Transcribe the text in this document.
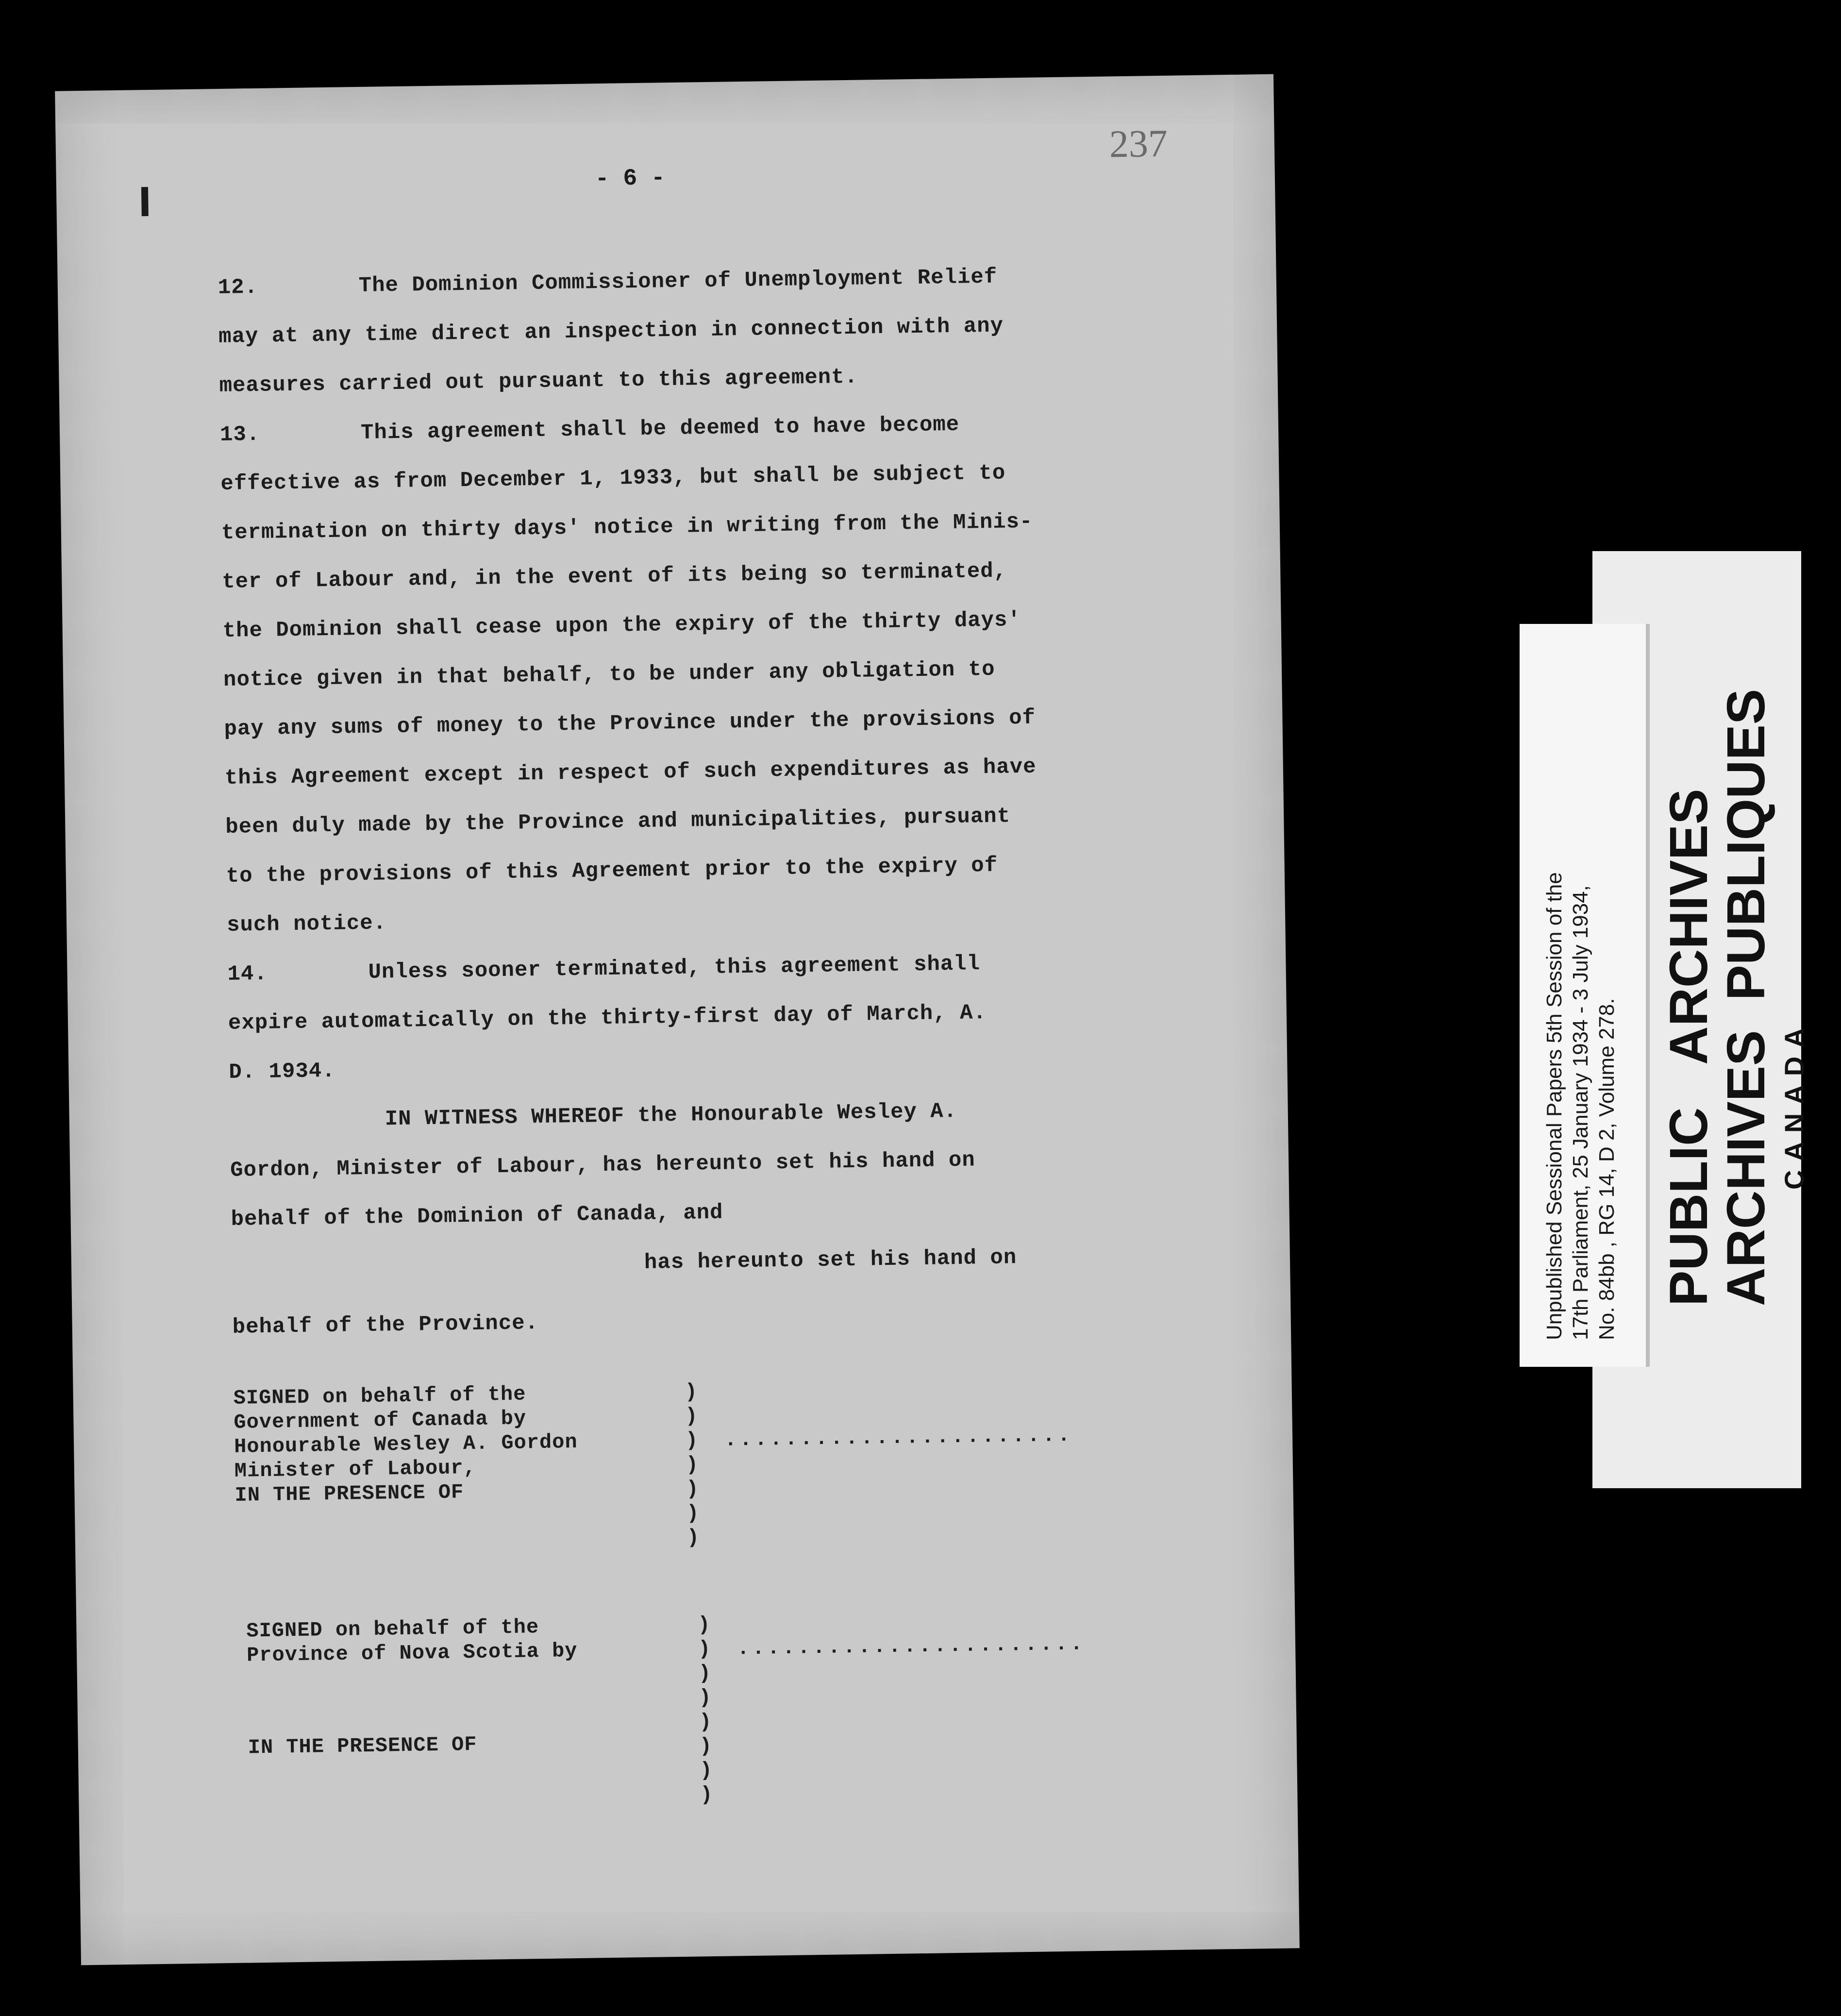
237
- 6 -
12.	The Dominion Commissioner of Unemployment Relief
may at any time direct an inspection in connection with any
measures carried out pursuant to this agreement.
13.	This agreement shall be deemed to have become
effective as from December 1, 1933, but shall be subject to
termination on thirty days' notice in writing from the Minis-
ter of Labour and, in the event of its being so terminated,
the Dominion shall cease upon the expiry of the thirty days'
notice given in that behalf, to be under any obligation to
pay any sums of money to the Province under the provisions of
this Agreement except in respect of such expenditures as have
been duly made by the Province and municipalities, pursuant
to the provisions of this Agreement prior to the expiry of
such notice.
14.	Unless sooner terminated, this agreement shall
expire automatically on the thirty-first day of March, A.
D. 1934.
IN WITNESS WHEREOF the Honourable Wesley A.
Gordon, Minister of Labour, has hereunto set his hand on
behalf of the Dominion of Canada, and
has hereunto set his hand on
behalf of the Province.
SIGNED on behalf of the
Government of Canada by
Honourable Wesley A. Gordon
Minister of Labour,
IN THE PRESENCE OF
)
)
)
)
)
)
)
.......................
SIGNED on behalf of the
Province of Nova Scotia by

IN THE PRESENCE OF
)
)
)
)
)
)
)
)
.......................
Unpublished Sessional Papers 5th Session of the 17th Parliament, 25 January 1934 - 3 July 1934, No. 84bb , RG 14, D 2, Volume 278. PUBLIC   ARCHIVES
ARCHIVES  PUBLIQUES CANADA
